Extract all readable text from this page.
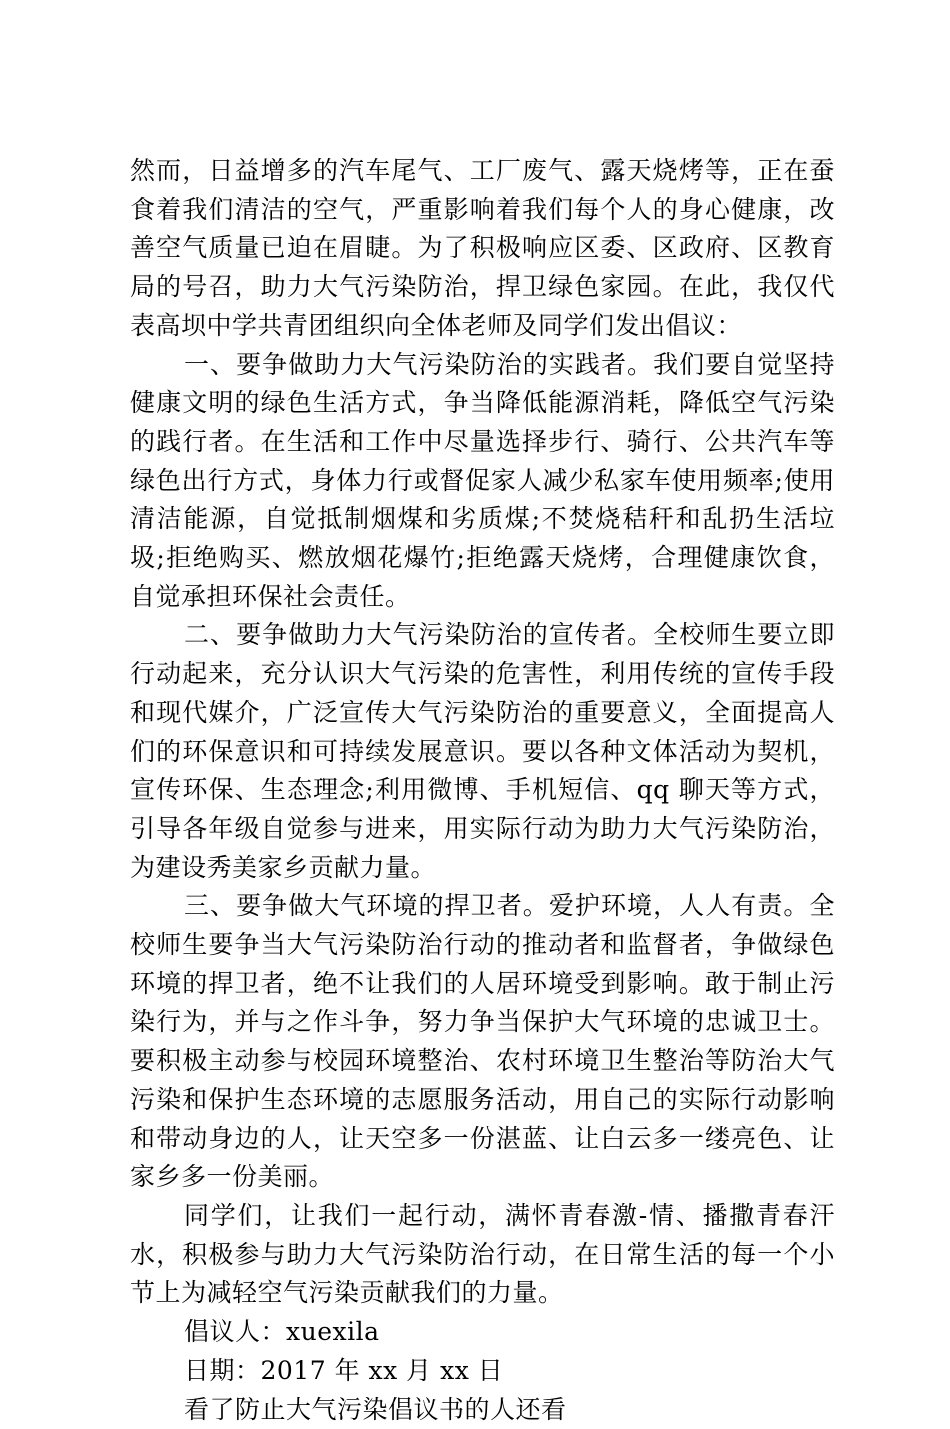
然而，日益增多的汽车尾气、工厂废气、露天烧烤等，正在蚕食着我们清洁的空气，严重影响着我们每个人的身心健康，改善空气质量已迫在眉睫。为了积极响应区委、区政府、区教育局的号召，助力大气污染防治，捍卫绿色家园。在此，我仅代表高坝中学共青团组织向全体老师及同学们发出倡议：

一、要争做助力大气污染防治的实践者。我们要自觉坚持健康文明的绿色生活方式，争当降低能源消耗，降低空气污染的践行者。在生活和工作中尽量选择步行、骑行、公共汽车等绿色出行方式，身体力行或督促家人减少私家车使用频率;使用清洁能源，自觉抵制烟煤和劣质煤;不焚烧秸秆和乱扔生活垃圾;拒绝购买、燃放烟花爆竹;拒绝露天烧烤，合理健康饮食，自觉承担环保社会责任。

二、要争做助力大气污染防治的宣传者。全校师生要立即行动起来，充分认识大气污染的危害性，利用传统的宣传手段和现代媒介，广泛宣传大气污染防治的重要意义，全面提高人们的环保意识和可持续发展意识。要以各种文体活动为契机，宣传环保、生态理念;利用微博、手机短信、qq 聊天等方式，引导各年级自觉参与进来，用实际行动为助力大气污染防治，为建设秀美家乡贡献力量。

三、要争做大气环境的捍卫者。爱护环境，人人有责。全校师生要争当大气污染防治行动的推动者和监督者，争做绿色环境的捍卫者，绝不让我们的人居环境受到影响。敢于制止污染行为，并与之作斗争，努力争当保护大气环境的忠诚卫士。要积极主动参与校园环境整治、农村环境卫生整治等防治大气污染和保护生态环境的志愿服务活动，用自己的实际行动影响和带动身边的人，让天空多一份湛蓝、让白云多一缕亮色、让家乡多一份美丽。

同学们，让我们一起行动，满怀青春激-情、播撒青春汗水，积极参与助力大气污染防治行动，在日常生活的每一个小节上为减轻空气污染贡献我们的力量。

倡议人：xuexila
日期：2017 年 xx 月 xx 日
看了防止大气污染倡议书的人还看
